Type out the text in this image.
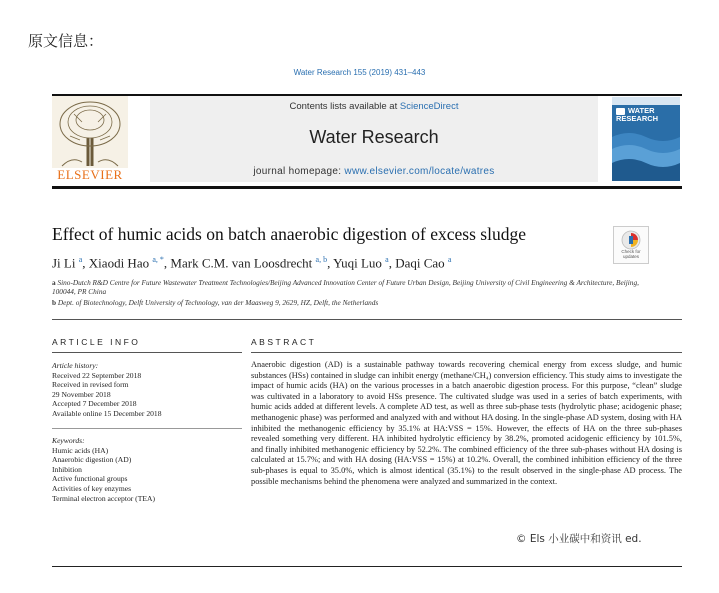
原文信息：
Water Research 155 (2019) 431–443
ELSEVIER
Contents lists available at ScienceDirect
Water Research
journal homepage: www.elsevier.com/locate/watres
WATER
RESEARCH
Effect of humic acids on batch anaerobic digestion of excess sludge
Check for updates
Ji Li $^a$, Xiaodi Hao $^{a, *}$, Mark C.M. van Loosdrecht $^{a, b}$, Yuqi Luo $^a$, Daqi Cao $^a$
a Sino-Dutch R&D Centre for Future Wastewater Treatment Technologies/Beijing Advanced Innovation Center of Future Urban Design, Beijing University of Civil Engineering & Architecture, Beijing, 100044, PR China
b Dept. of Biotechnology, Delft University of Technology, van der Maasweg 9, 2629, HZ, Delft, the Netherlands
ARTICLE INFO	ABSTRACT
Article history:
Received 22 September 2018
Received in revised form
29 November 2018
Accepted 7 December 2018
Available online 15 December 2018
Keywords:
Humic acids (HA)
Anaerobic digestion (AD)
Inhibition
Active functional groups
Activities of key enzymes
Terminal electron acceptor (TEA)
Anaerobic digestion (AD) is a sustainable pathway towards recovering chemical energy from excess sludge, and humic substances (HSs) contained in sludge can inhibit energy (methane/CH₄) conversion efficiency. This study aims to investigate the impact of humic acids (HA) on the various processes in a batch anaerobic digestion process. For this purpose, “clean” sludge was cultivated in a laboratory to avoid HSs presence. The cultivated sludge was used in a series of batch experiments, with humic acids added at different levels. A complete AD test, as well as three sub-phase tests (hydrolytic phase; acidogenic phase; methanogenic phase) was performed and analyzed with and without HA dosing. In the single-phase AD system, dosing with HA inhibited the methanogenic efficiency by 35.1% at HA:VSS = 15%. However, the effects of HA on the three sub-phases revealed something very different. HA inhibited hydrolytic efficiency by 38.2%, promoted acidogenic efficiency by 101.5%, and finally inhibited methanogenic efficiency by 52.2%. The combined efficiency of the three sub-phases without HA dosing is calculated at 15.7%; and with HA dosing (HA:VSS = 15%) at 10.2%. Overall, the combined inhibition efficiency of the three sub-phases is equal to 35.0%, which is almost identical (35.1%) to the result observed in the single-phase AD process. The possible mechanisms behind the phenomena were analyzed and summarized in the context.
© Els 小业碳中和资讯 ed.
